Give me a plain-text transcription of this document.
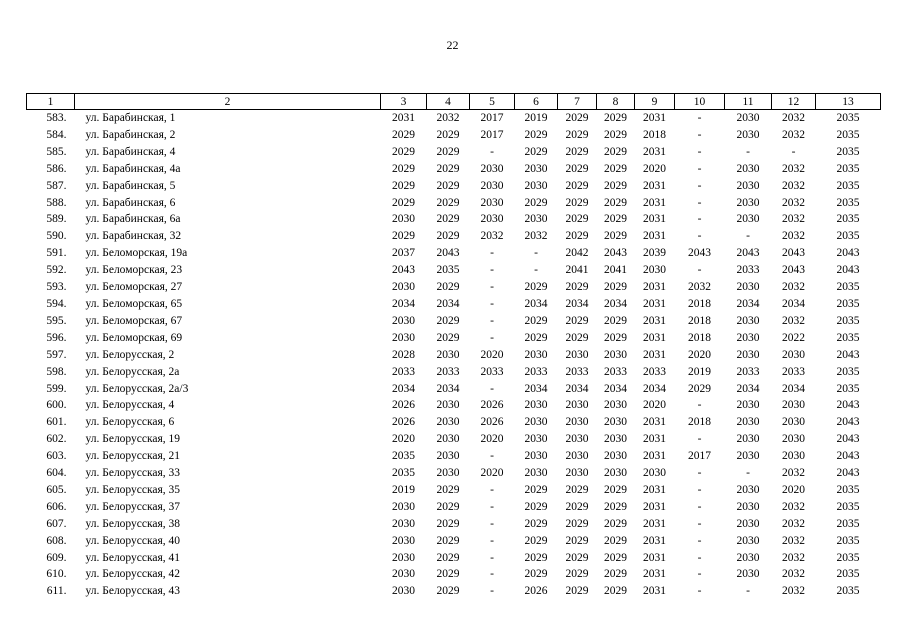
22
1	2	3	4	5	6	7	8	9	10	11	12	13
583.	ул. Барабинская, 1	2031	2032	2017	2019	2029	2029	2031	-	2030	2032	2035
584.	ул. Барабинская, 2	2029	2029	2017	2029	2029	2029	2018	-	2030	2032	2035
585.	ул. Барабинская, 4	2029	2029	-	2029	2029	2029	2031	-	-	-	2035
586.	ул. Барабинская, 4а	2029	2029	2030	2030	2029	2029	2020	-	2030	2032	2035
587.	ул. Барабинская, 5	2029	2029	2030	2030	2029	2029	2031	-	2030	2032	2035
588.	ул. Барабинская, 6	2029	2029	2030	2029	2029	2029	2031	-	2030	2032	2035
589.	ул. Барабинская, 6а	2030	2029	2030	2030	2029	2029	2031	-	2030	2032	2035
590.	ул. Барабинская, 32	2029	2029	2032	2032	2029	2029	2031	-	-	2032	2035
591.	ул. Беломорская, 19а	2037	2043	-	-	2042	2043	2039	2043	2043	2043	2043
592.	ул. Беломорская, 23	2043	2035	-	-	2041	2041	2030	-	2033	2043	2043
593.	ул. Беломорская, 27	2030	2029	-	2029	2029	2029	2031	2032	2030	2032	2035
594.	ул. Беломорская, 65	2034	2034	-	2034	2034	2034	2031	2018	2034	2034	2035
595.	ул. Беломорская, 67	2030	2029	-	2029	2029	2029	2031	2018	2030	2032	2035
596.	ул. Беломорская, 69	2030	2029	-	2029	2029	2029	2031	2018	2030	2022	2035
597.	ул. Белорусская, 2	2028	2030	2020	2030	2030	2030	2031	2020	2030	2030	2043
598.	ул. Белорусская, 2а	2033	2033	2033	2033	2033	2033	2033	2019	2033	2033	2035
599.	ул. Белорусская, 2а/3	2034	2034	-	2034	2034	2034	2034	2029	2034	2034	2035
600.	ул. Белорусская, 4	2026	2030	2026	2030	2030	2030	2020	-	2030	2030	2043
601.	ул. Белорусская, 6	2026	2030	2026	2030	2030	2030	2031	2018	2030	2030	2043
602.	ул. Белорусская, 19	2020	2030	2020	2030	2030	2030	2031	-	2030	2030	2043
603.	ул. Белорусская, 21	2035	2030	-	2030	2030	2030	2031	2017	2030	2030	2043
604.	ул. Белорусская, 33	2035	2030	2020	2030	2030	2030	2030	-	-	2032	2043
605.	ул. Белорусская, 35	2019	2029	-	2029	2029	2029	2031	-	2030	2020	2035
606.	ул. Белорусская, 37	2030	2029	-	2029	2029	2029	2031	-	2030	2032	2035
607.	ул. Белорусская, 38	2030	2029	-	2029	2029	2029	2031	-	2030	2032	2035
608.	ул. Белорусская, 40	2030	2029	-	2029	2029	2029	2031	-	2030	2032	2035
609.	ул. Белорусская, 41	2030	2029	-	2029	2029	2029	2031	-	2030	2032	2035
610.	ул. Белорусская, 42	2030	2029	-	2029	2029	2029	2031	-	2030	2032	2035
611.	ул. Белорусская, 43	2030	2029	-	2026	2029	2029	2031	-	-	2032	2035
